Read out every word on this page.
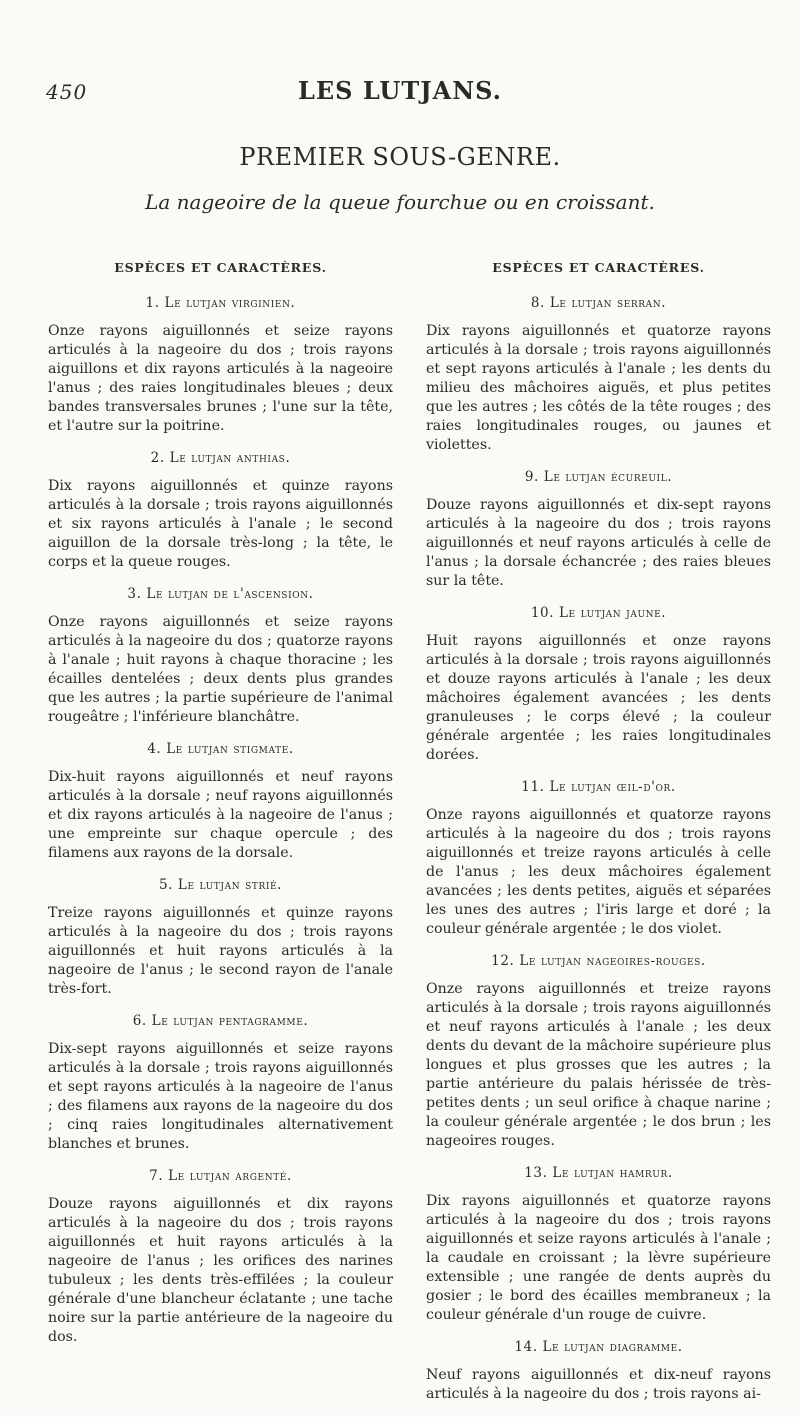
450	LES LUTJANS.
PREMIER SOUS-GENRE.
La nageoire de la queue fourchue ou en croissant.
ESPÈCES ET CARACTÈRES.
1. Le lutjan virginien.
Onze rayons aiguillonnés et seize rayons articulés à la nageoire du dos ; trois rayons aiguillons et dix rayons articulés à la nageoire l'anus ; des raies longitudinales bleues ; deux bandes transversales brunes ; l'une sur la tête, et l'autre sur la poitrine.
2. Le lutjan anthias.
Dix rayons aiguillonnés et quinze rayons articulés à la dorsale ; trois rayons aiguillonnés et six rayons articulés à l'anale ; le second aiguillon de la dorsale très-long ; la tête, le corps et la queue rouges.
3. Le lutjan de l'ascension.
Onze rayons aiguillonnés et seize rayons articulés à la nageoire du dos ; quatorze rayons à l'anale ; huit rayons à chaque thoracine ; les écailles dentelées ; deux dents plus grandes que les autres ; la partie supérieure de l'animal rougeâtre ; l'inférieure blanchâtre.
4. Le lutjan stigmate.
Dix-huit rayons aiguillonnés et neuf rayons articulés à la dorsale ; neuf rayons aiguillonnés et dix rayons articulés à la nageoire de l'anus ; une empreinte sur chaque opercule ; des filamens aux rayons de la dorsale.
5. Le lutjan strié.
Treize rayons aiguillonnés et quinze rayons articulés à la nageoire du dos ; trois rayons aiguillonnés et huit rayons articulés à la nageoire de l'anus ; le second rayon de l'anale très-fort.
6. Le lutjan pentagramme.
Dix-sept rayons aiguillonnés et seize rayons articulés à la dorsale ; trois rayons aiguillonnés et sept rayons articulés à la nageoire de l'anus ; des filamens aux rayons de la nageoire du dos ; cinq raies longitudinales alternativement blanches et brunes.
7. Le lutjan argenté.
Douze rayons aiguillonnés et dix rayons articulés à la nageoire du dos ; trois rayons aiguillonnés et huit rayons articulés à la nageoire de l'anus ; les orifices des narines tubuleux ; les dents très-effilées ; la couleur générale d'une blancheur éclatante ; une tache noire sur la partie antérieure de la nageoire du dos.
ESPÈCES ET CARACTÈRES.
8. Le lutjan serran.
Dix rayons aiguillonnés et quatorze rayons articulés à la dorsale ; trois rayons aiguillonnés et sept rayons articulés à l'anale ; les dents du milieu des mâchoires aiguës, et plus petites que les autres ; les côtés de la tête rouges ; des raies longitudinales rouges, ou jaunes et violettes.
9. Le lutjan écureuil.
Douze rayons aiguillonnés et dix-sept rayons articulés à la nageoire du dos ; trois rayons aiguillonnés et neuf rayons articulés à celle de l'anus ; la dorsale échancrée ; des raies bleues sur la tête.
10. Le lutjan jaune.
Huit rayons aiguillonnés et onze rayons articulés à la dorsale ; trois rayons aiguillonnés et douze rayons articulés à l'anale ; les deux mâchoires également avancées ; les dents granuleuses ; le corps élevé ; la couleur générale argentée ; les raies longitudinales dorées.
11. Le lutjan œil-d'or.
Onze rayons aiguillonnés et quatorze rayons articulés à la nageoire du dos ; trois rayons aiguillonnés et treize rayons articulés à celle de l'anus ; les deux mâchoires également avancées ; les dents petites, aiguës et séparées les unes des autres ; l'iris large et doré ; la couleur générale argentée ; le dos violet.
12. Le lutjan nageoires-rouges.
Onze rayons aiguillonnés et treize rayons articulés à la dorsale ; trois rayons aiguillonnés et neuf rayons articulés à l'anale ; les deux dents du devant de la mâchoire supérieure plus longues et plus grosses que les autres ; la partie antérieure du palais hérissée de très-petites dents ; un seul orifice à chaque narine ; la couleur générale argentée ; le dos brun ; les nageoires rouges.
13. Le lutjan hamrur.
Dix rayons aiguillonnés et quatorze rayons articulés à la nageoire du dos ; trois rayons aiguillonnés et seize rayons articulés à l'anale ; la caudale en croissant ; la lèvre supérieure extensible ; une rangée de dents auprès du gosier ; le bord des écailles membraneux ; la couleur générale d'un rouge de cuivre.
14. Le lutjan diagramme.
Neuf rayons aiguillonnés et dix-neuf rayons articulés à la nageoire du dos ; trois rayons ai-
